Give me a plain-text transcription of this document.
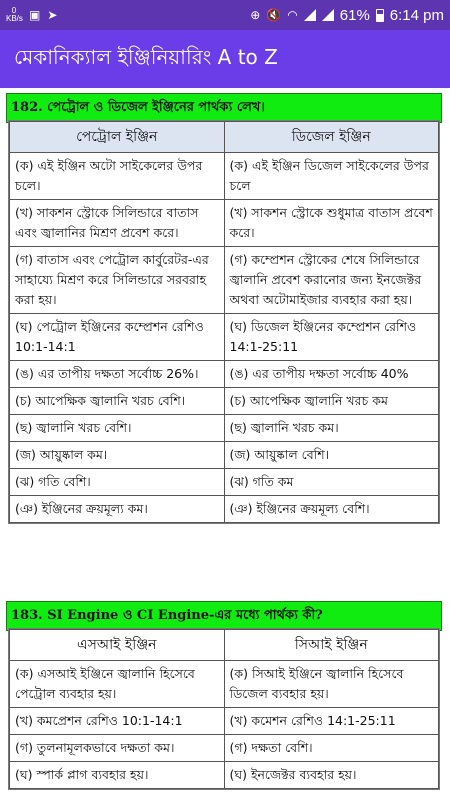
0
KB/s ▣ ➤	⊕ 🔇 ◠	61% 6:14 pm
মেকানিক্যাল ইঞ্জিনিয়ারিং A to Z
182. পেট্রোল ও ডিজেল ইঞ্জিনের পার্থক্য লেখ।
পেট্রোল ইঞ্জিন	ডিজেল ইঞ্জিন
(ক) এই ইঞ্জিন অটো সাইকেলের উপর চলে।	(ক) এই ইঞ্জিন ডিজেল সাইকেলের উপর চলে
(খ) সাকশন স্ট্রোকে সিলিন্ডারে বাতাস এবং জ্বালানির মিশ্রণ প্রবেশ করে।	(খ) সাকশন স্ট্রোকে শুধুমাত্র বাতাস প্রবেশ করে।
(গ) বাতাস এবং পেট্রোল কার্বুরেটর-এর সাহায্যে মিশ্রণ করে সিলিন্ডারে সরবরাহ করা হয়।	(গ) কম্প্রেশন স্ট্রোকের শেষে সিলিন্ডারে জ্বালানি প্রবেশ করানোর জন্য ইনজেক্টর অথবা অটোমাইজার ব্যবহার করা হয়।
(ঘ) পেট্রোল ইঞ্জিনের কম্প্রেশন রেশিও 10:1-14:1	(ঘ) ডিজেল ইঞ্জিনের কম্প্রেশন রেশিও 14:1-25:11
(ঙ) এর তাপীয় দক্ষতা সর্বোচ্চ 26%।	(ঙ) এর তাপীয় দক্ষতা সর্বোচ্চ 40%
(চ) আপেক্ষিক জ্বালানি খরচ বেশি।	(চ) আপেক্ষিক জ্বালানি খরচ কম
(ছ) জ্বালানি খরচ বেশি।	(ছ) জ্বালানি খরচ কম।
(জ) আয়ুষ্কাল কম।	(জ) আয়ুষ্কাল বেশি।
(ঝ) গতি বেশি।	(ঝ) গতি কম
(ঞ) ইঞ্জিনের ক্রয়মূল্য কম।	(ঞ) ইঞ্জিনের ক্রয়মূল্য বেশি।
183. SI Engine ও CI Engine-এর মধ্যে পার্থক্য কী?
এসআই ইঞ্জিন	সিআই ইঞ্জিন
(ক) এসআই ইঞ্জিনে জ্বালানি হিসেবে পেট্রোল ব্যবহার হয়।	(ক) সিআই ইঞ্জিনে জ্বালানি হিসেবে ডিজেল ব্যবহার হয়।
(খ) কমপ্রেশন রেশিও 10:1-14:1	(খ) কমেশন রেশিও 14:1-25:11
(গ) তুলনামূলকভাবে দক্ষতা কম।	(গ) দক্ষতা বেশি।
(ঘ) স্পার্ক প্লাগ ব্যবহার হয়।	(ঘ) ইনজেক্টর ব্যবহার হয়।
